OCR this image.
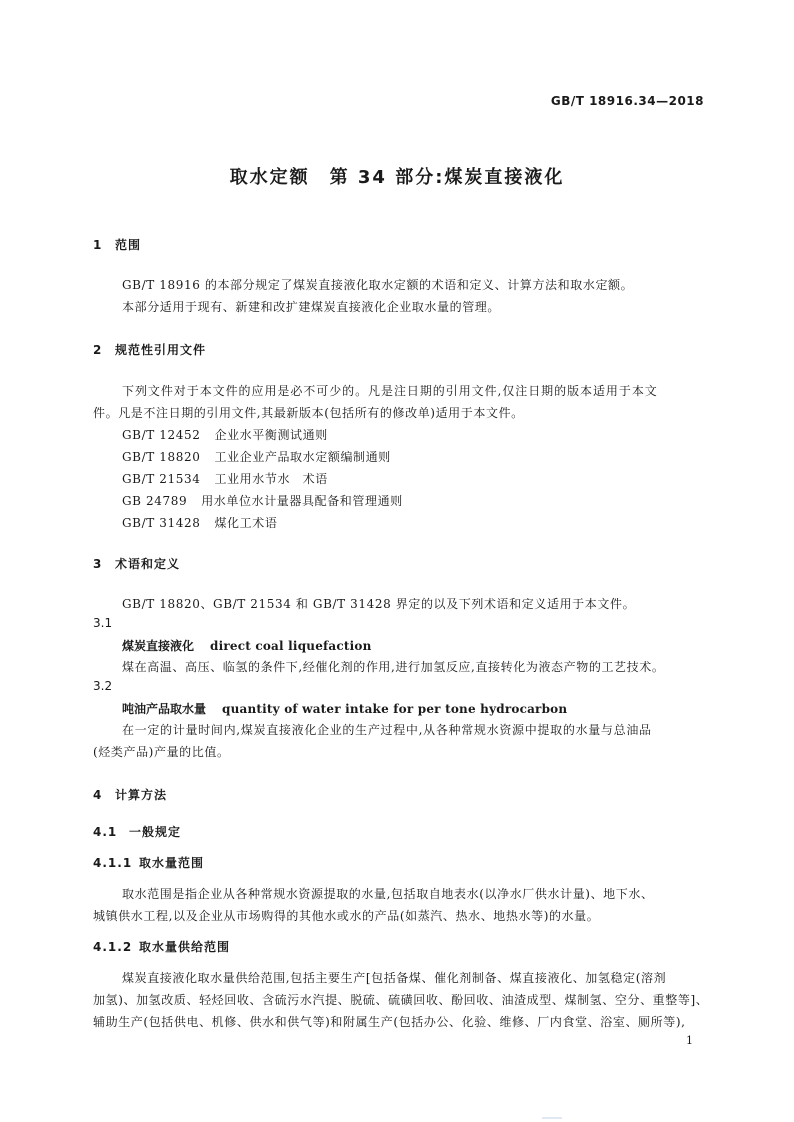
GB/T 18916.34—2018
取水定额　第 34 部分:煤炭直接液化
1 范围
GB/T 18916 的本部分规定了煤炭直接液化取水定额的术语和定义、计算方法和取水定额。
本部分适用于现有、新建和改扩建煤炭直接液化企业取水量的管理。
2 规范性引用文件
下列文件对于本文件的应用是必不可少的。凡是注日期的引用文件,仅注日期的版本适用于本文
件。凡是不注日期的引用文件,其最新版本(包括所有的修改单)适用于本文件。
GB/T 12452 企业水平衡测试通则
GB/T 18820 工业企业产品取水定额编制通则
GB/T 21534 工业用水节水　术语
GB 24789 用水单位水计量器具配备和管理通则
GB/T 31428 煤化工术语
3 术语和定义
GB/T 18820、GB/T 21534 和 GB/T 31428 界定的以及下列术语和定义适用于本文件。
3.1
煤炭直接液化 direct coal liquefaction
煤在高温、高压、临氢的条件下,经催化剂的作用,进行加氢反应,直接转化为液态产物的工艺技术。
3.2
吨油产品取水量 quantity of water intake for per tone hydrocarbon
在一定的计量时间内,煤炭直接液化企业的生产过程中,从各种常规水资源中提取的水量与总油品
(烃类产品)产量的比值。
4 计算方法
4.1 一般规定
4.1.1 取水量范围
取水范围是指企业从各种常规水资源提取的水量,包括取自地表水(以净水厂供水计量)、地下水、
城镇供水工程,以及企业从市场购得的其他水或水的产品(如蒸汽、热水、地热水等)的水量。
4.1.2 取水量供给范围
煤炭直接液化取水量供给范围,包括主要生产[包括备煤、催化剂制备、煤直接液化、加氢稳定(溶剂
加氢)、加氢改质、轻烃回收、含硫污水汽提、脱硫、硫磺回收、酚回收、油渣成型、煤制氢、空分、重整等]、
辅助生产(包括供电、机修、供水和供气等)和附属生产(包括办公、化验、维修、厂内食堂、浴室、厕所等),
1
